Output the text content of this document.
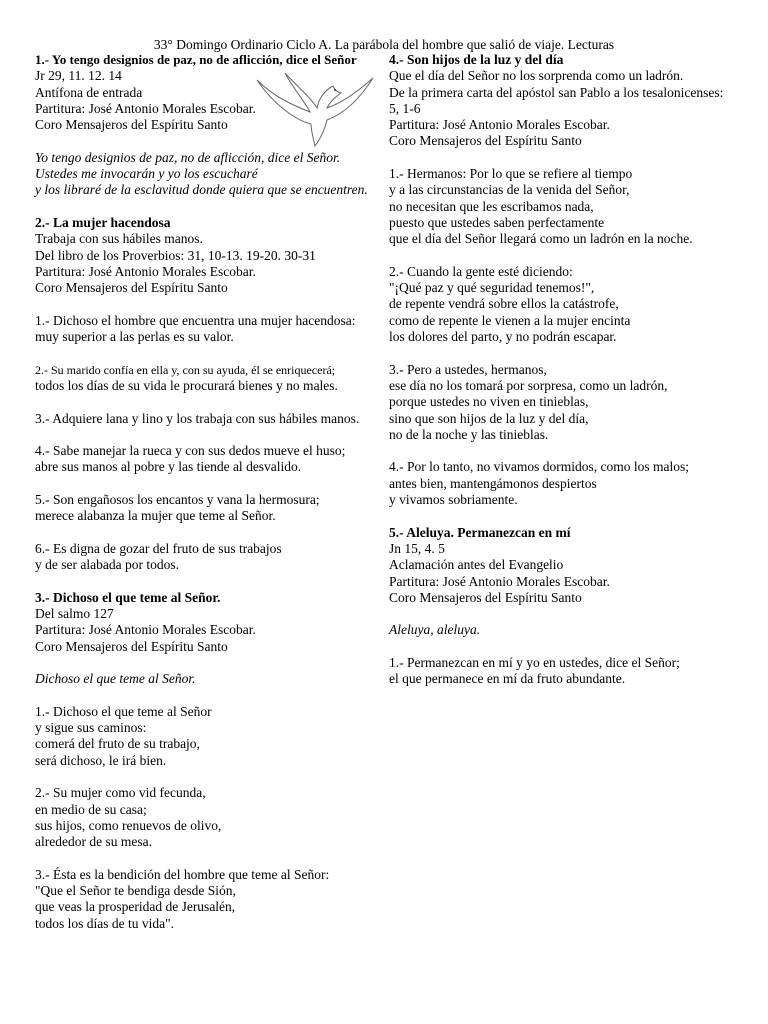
33° Domingo Ordinario Ciclo A. La parábola del hombre que salió de viaje. Lecturas
1.- Yo tengo designios de paz, no de aflicción, dice el Señor
Jr 29, 11. 12. 14
Antífona de entrada
Partitura: José Antonio Morales Escobar.
Coro Mensajeros del Espíritu Santo
Yo tengo designios de paz, no de aflicción, dice el Señor.
Ustedes me invocarán y yo los escucharé
y los libraré de la esclavitud donde quiera que se encuentren.
2.- La mujer hacendosa
Trabaja con sus hábiles manos.
Del libro de los Proverbios: 31, 10-13. 19-20. 30-31
Partitura: José Antonio Morales Escobar.
Coro Mensajeros del Espíritu Santo
1.- Dichoso el hombre que encuentra una mujer hacendosa:
muy superior a las perlas es su valor.
2.- Su marido confía en ella y, con su ayuda, él se enriquecerá;
todos los días de su vida le procurará bienes y no males.
3.- Adquiere lana y lino y los trabaja con sus hábiles manos.
4.- Sabe manejar la rueca y con sus dedos mueve el huso;
abre sus manos al pobre y las tiende al desvalido.
5.- Son engañosos los encantos y vana la hermosura;
merece alabanza la mujer que teme al Señor.
6.- Es digna de gozar del fruto de sus trabajos
y de ser alabada por todos.
3.- Dichoso el que teme al Señor.
Del salmo 127
Partitura: José Antonio Morales Escobar.
Coro Mensajeros del Espíritu Santo
Dichoso el que teme al Señor.
1.- Dichoso el que teme al Señor
y sigue sus caminos:
comerá del fruto de su trabajo,
será dichoso, le irá bien.
2.- Su mujer como vid fecunda,
en medio de su casa;
sus hijos, como renuevos de olivo,
alrededor de su mesa.
3.- Ésta es la bendición del hombre que teme al Señor:
"Que el Señor te bendiga desde Sión,
que veas la prosperidad de Jerusalén,
todos los días de tu vida".
4.- Son hijos de la luz y del día
Que el día del Señor no los sorprenda como un ladrón.
De la primera carta del apóstol san Pablo a los tesalonicenses:
5, 1-6
Partitura: José Antonio Morales Escobar.
Coro Mensajeros del Espíritu Santo
1.- Hermanos: Por lo que se refiere al tiempo
y a las circunstancias de la venida del Señor,
no necesitan que les escribamos nada,
puesto que ustedes saben perfectamente
que el día del Señor llegará como un ladrón en la noche.
2.- Cuando la gente esté diciendo:
"¡Qué paz y qué seguridad tenemos!",
de repente vendrá sobre ellos la catástrofe,
como de repente le vienen a la mujer encinta
los dolores del parto, y no podrán escapar.
3.- Pero a ustedes, hermanos,
ese día no los tomará por sorpresa, como un ladrón,
porque ustedes no viven en tinieblas,
sino que son hijos de la luz y del día,
no de la noche y las tinieblas.
4.- Por lo tanto, no vivamos dormidos, como los malos;
antes bien, mantengámonos despiertos
y vivamos sobriamente.
5.- Aleluya. Permanezcan en mí
Jn 15, 4. 5
Aclamación antes del Evangelio
Partitura: José Antonio Morales Escobar.
Coro Mensajeros del Espíritu Santo
Aleluya, aleluya.
1.- Permanezcan en mí y yo en ustedes, dice el Señor;
el que permanece en mí da fruto abundante.
